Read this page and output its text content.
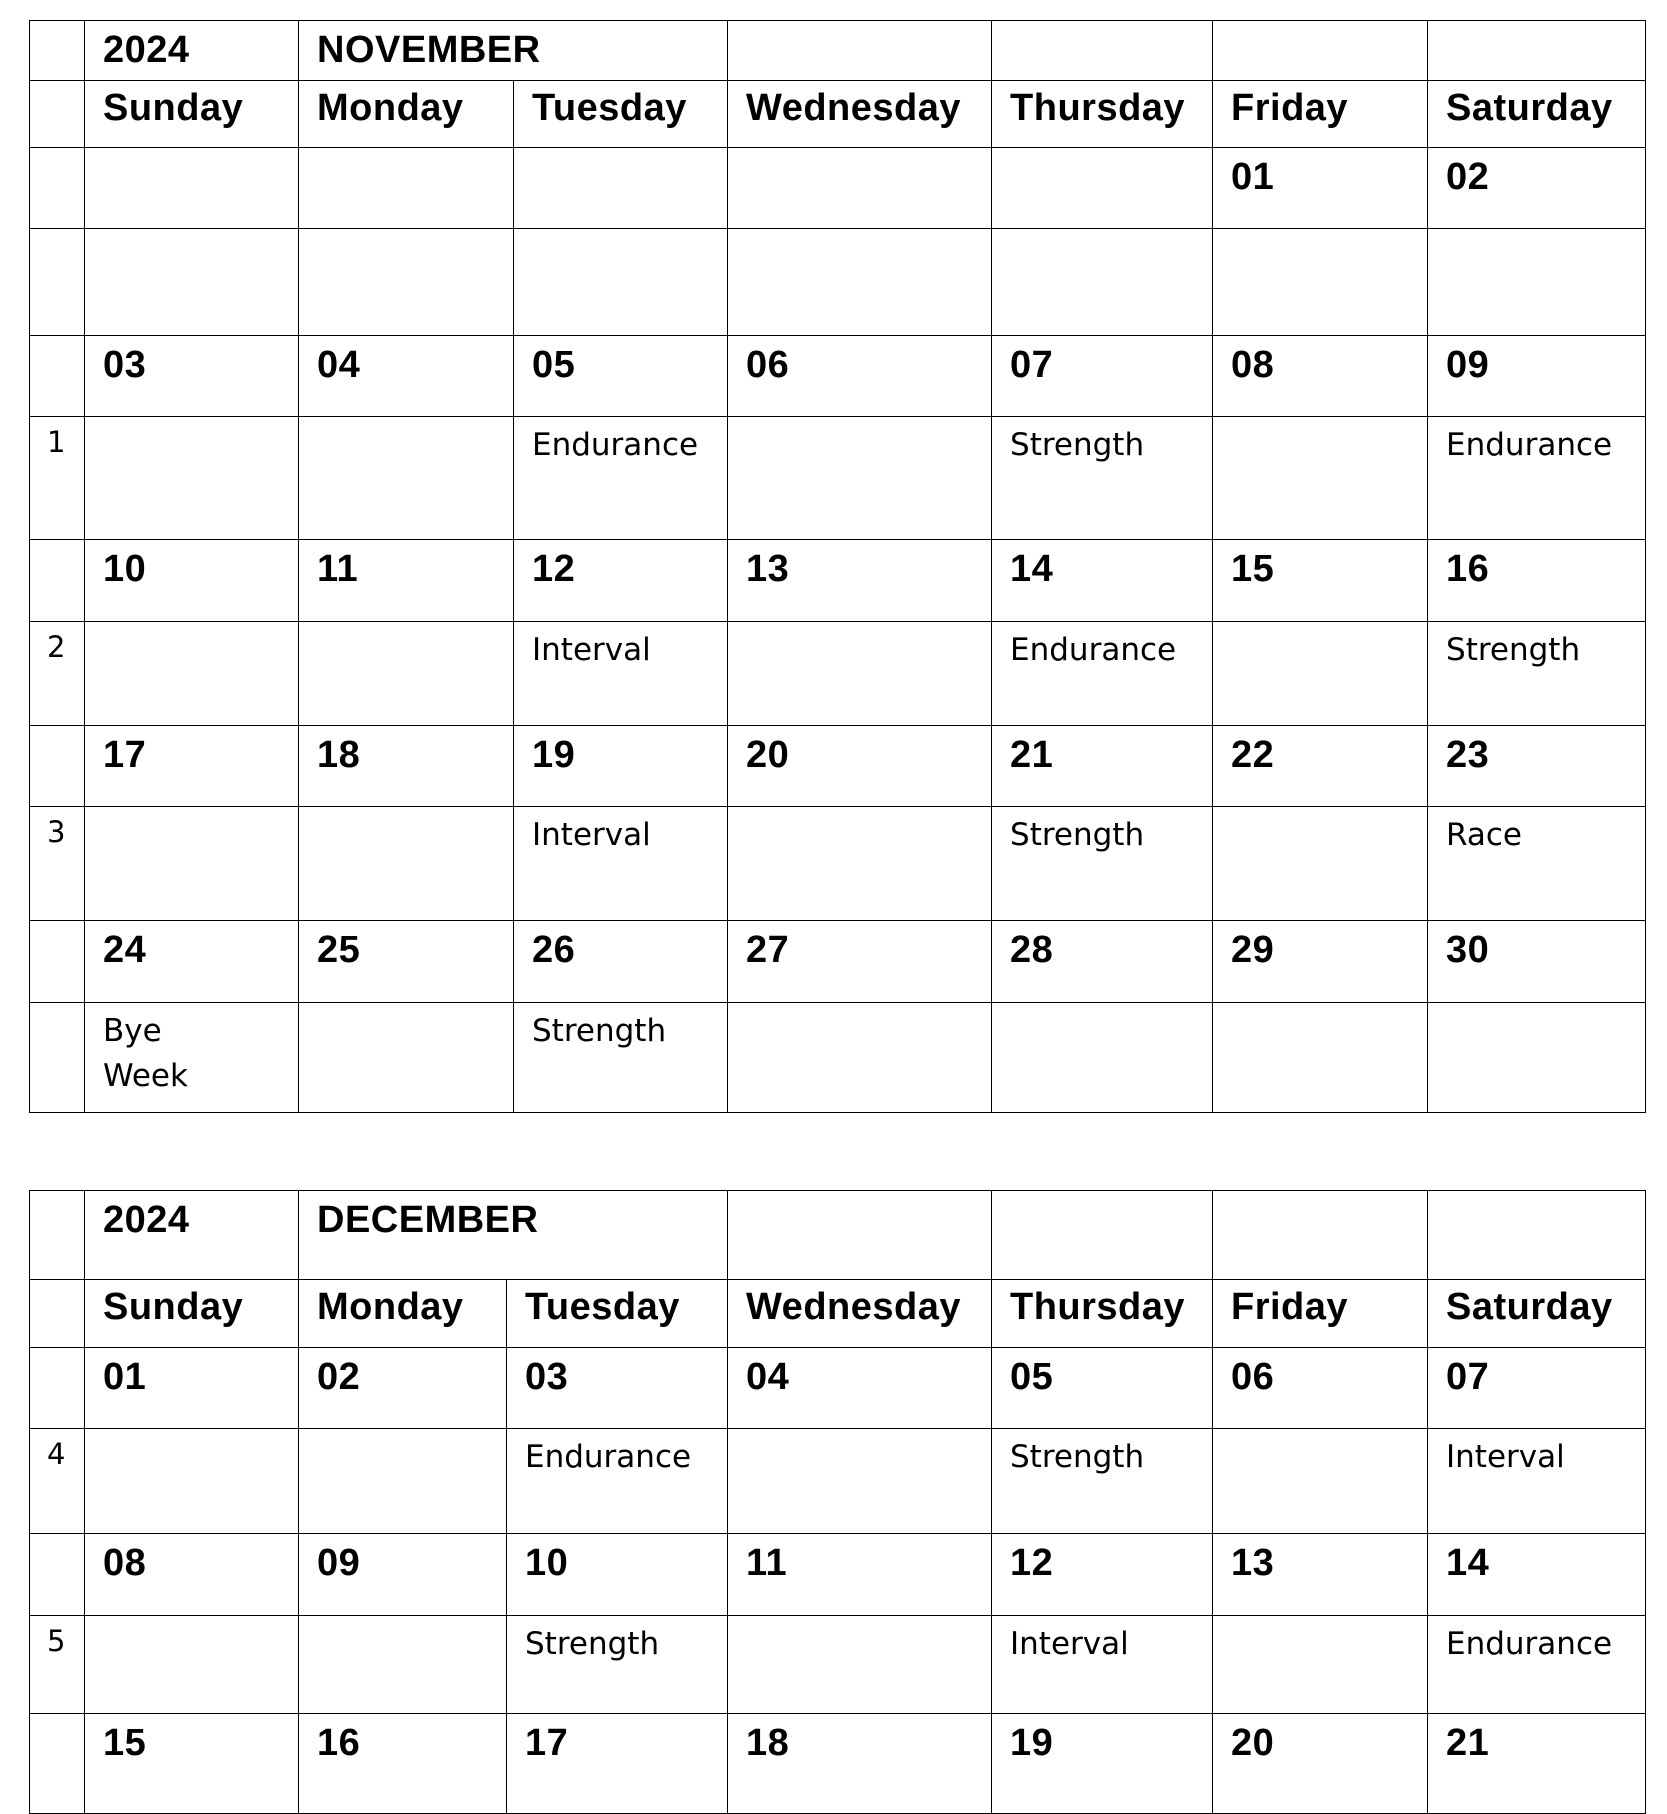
	2024	NOVEMBER					
	Sunday	Monday	Tuesday	Wednesday	Thursday	Friday	Saturday
						01	02

	03	04	05	06	07	08	09
1			Endurance		Strength		Endurance
	10	11	12	13	14	15	16
2			Interval		Endurance		Strength
	17	18	19	20	21	22	23
3			Interval		Strength		Race
	24	25	26	27	28	29	30
	Bye Week		Strength				
	2024	DECEMBER					
	Sunday	Monday	Tuesday	Wednesday	Thursday	Friday	Saturday
	01	02	03	04	05	06	07
4			Endurance		Strength		Interval
	08	09	10	11	12	13	14
5			Strength		Interval		Endurance
	15	16	17	18	19	20	21
